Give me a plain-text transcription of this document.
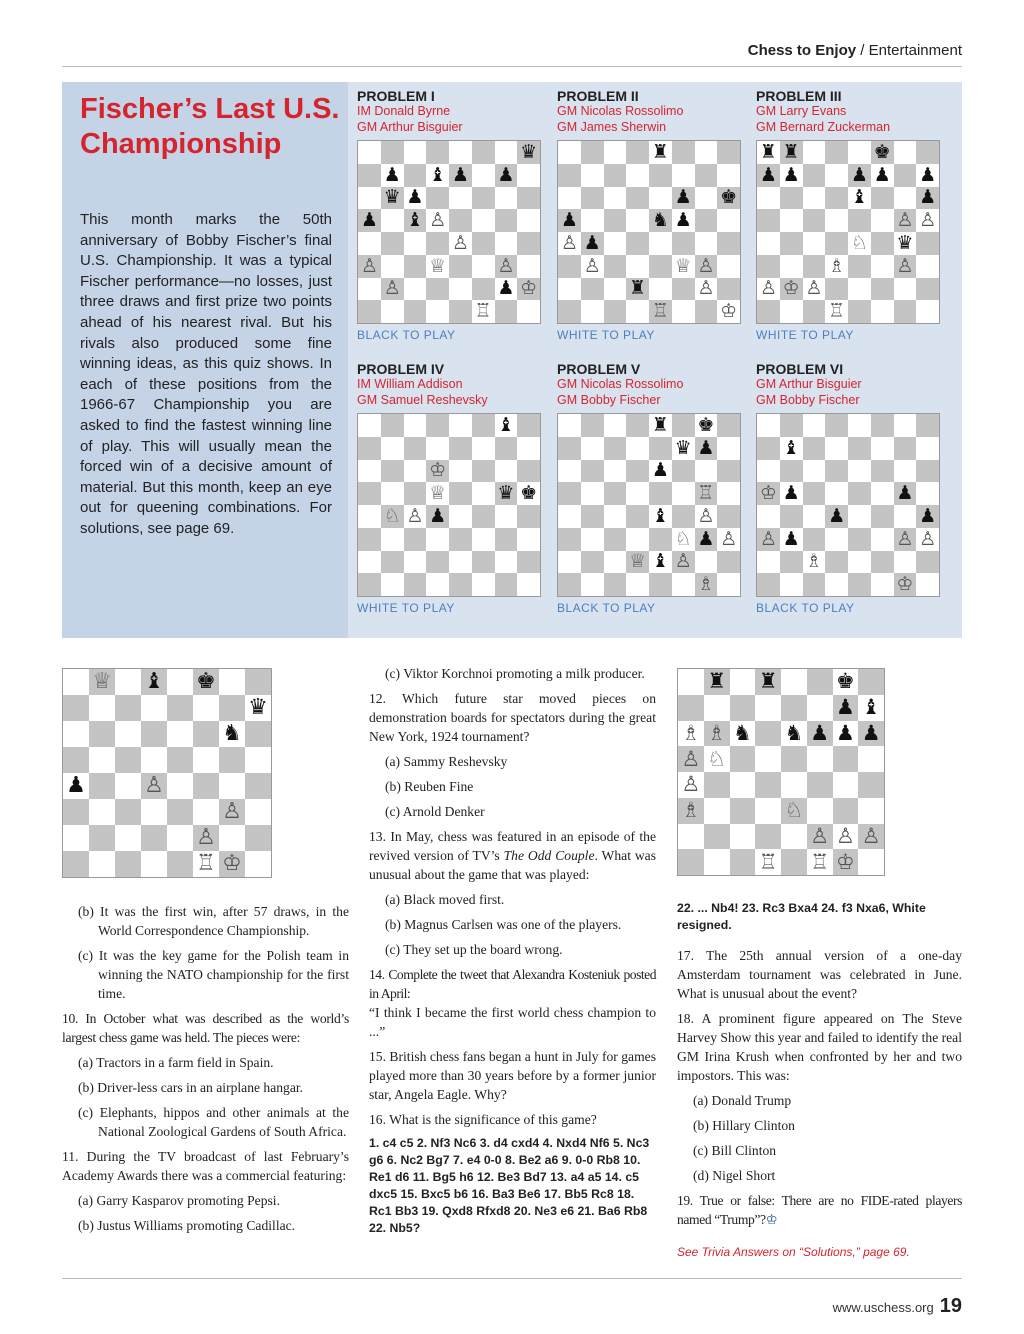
Chess to Enjoy / Entertainment
Fischer’s Last U.S. Championship
This month marks the 50th anniversary of Bobby Fischer’s final U.S. Championship. It was a typical Fischer performance—no losses, just three draws and first prize two points ahead of his nearest rival. But his rivals also produced some fine winning ideas, as this quiz shows. In each of these positions from the 1966-67 Championship you are asked to find the fastest winning line of play. This will usually mean the forced win of a decisive amount of material. But this month, keep an eye out for queening combinations. For solutions, see page 69.
PROBLEM I
IM Donald Byrne
GM Arthur Bisguier
♛
♟ ♝ ♟ ♟
♛ ♟
♟ ♝ ♙
♙
♙	♕	♙
♙	♟ ♔
♖
BLACK TO PLAY
PROBLEM II
GM Nicolas Rossolimo
GM James Sherwin
♜
♟ ♚
♟	♞ ♟
♙ ♟
♙	♕ ♙
♜	♙
♖	♔
WHITE TO PLAY
PROBLEM III
GM Larry Evans
GM Bernard Zuckerman
♜ ♜	♚
♟ ♟	♟ ♟ ♟
♝	♟
♙ ♙
♘ ♛
♗	♙
♙ ♔ ♙
♖
WHITE TO PLAY
PROBLEM IV
IM William Addison
GM Samuel Reshevsky
♝
♔
♕	♛ ♚
♘ ♙ ♟
WHITE TO PLAY
PROBLEM V
GM Nicolas Rossolimo
GM Bobby Fischer
♜ ♚
♛ ♟
♟
♖
♝ ♙
♘ ♟ ♙
♕ ♝ ♙
♗
BLACK TO PLAY
PROBLEM VI
GM Arthur Bisguier
GM Bobby Fischer
♝
♔ ♟	♟
♟	♟
♙ ♟	♙ ♙
♗
♔
BLACK TO PLAY
♕ ♝ ♚
♛
♞
♟	♙
♙
♙
♖ ♔
♜ ♜	♚
♟ ♝
♗ ♗ ♞ ♞ ♟ ♟ ♟
♙ ♘
♙
♗	♘
♙ ♙ ♙
♖ ♖ ♔

(b) It was the first win, after 57 draws, in the World Correspondence Championship.

(c) It was the key game for the Polish team in winning the NATO championship for the first time.

10. In October what was described as the world’s largest chess game was held. The pieces were:

(a) Tractors in a farm field in Spain.

(b) Driver-less cars in an airplane hangar.

(c) Elephants, hippos and other animals at the National Zoological Gardens of South Africa.

11. During the TV broadcast of last February’s Academy Awards there was a commercial featuring:

(a) Garry Kasparov promoting Pepsi.

(b) Justus Williams promoting Cadillac.

(c) Viktor Korchnoi promoting a milk producer.

12. Which future star moved pieces on demonstration boards for spectators during the great New York, 1924 tournament?

(a) Sammy Reshevsky

(b) Reuben Fine

(c) Arnold Denker

13. In May, chess was featured in an episode of the revived version of TV’s The Odd Couple. What was unusual about the game that was played:

(a) Black moved first.

(b) Magnus Carlsen was one of the players.

(c) They set up the board wrong.

14. Complete the tweet that Alexandra Kosteniuk posted in April:

“I think I became the first world chess champion to ...”

15. British chess fans began a hunt in July for games played more than 30 years before by a former junior star, Angela Eagle. Why?

16. What is the significance of this game?

1. c4 c5 2. Nf3 Nc6 3. d4 cxd4 4. Nxd4 Nf6 5. Nc3 g6 6. Nc2 Bg7 7. e4 0-0 8. Be2 a6 9. 0-0 Rb8 10. Re1 d6 11. Bg5 h6 12. Be3 Bd7 13. a4 a5 14. c5 dxc5 15. Bxc5 b6 16. Ba3 Be6 17. Bb5 Rc8 18. Rc1 Bb3 19. Qxd8 Rfxd8 20. Ne3 e6 21. Ba6 Rb8 22. Nb5?
22. ... Nb4! 23. Rc3 Bxa4 24. f3 Nxa6, White resigned.

17. The 25th annual version of a one-day Amsterdam tournament was celebrated in June. What is unusual about the event?

18. A prominent figure appeared on The Steve Harvey Show this year and failed to identify the real GM Irina Krush when confronted by her and two impostors. This was:

(a) Donald Trump

(b) Hillary Clinton

(c) Bill Clinton

(d) Nigel Short

19. True or false: There are no FIDE-rated players named “Trump”?♔

See Trivia Answers on “Solutions,” page 69.
www.uschess.org 19
